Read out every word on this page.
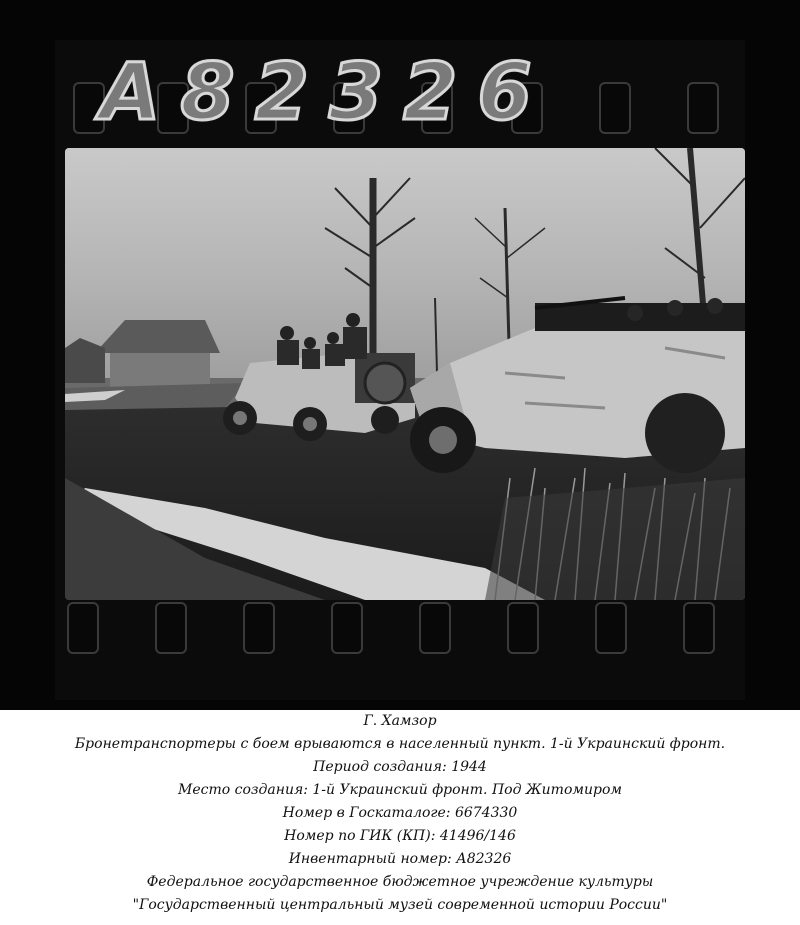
A82326
Г. Хамзор
Бронетранспортеры с боем врываются в населенный пункт. 1-й Украинский фронт.
Период создания: 1944
Место создания: 1-й Украинский фронт. Под Житомиром
Номер в Госкаталоге: 6674330
Номер по ГИК (КП): 41496/146
Инвентарный номер: А82326
Федеральное государственное бюджетное учреждение культуры
"Государственный центральный музей современной истории России"
